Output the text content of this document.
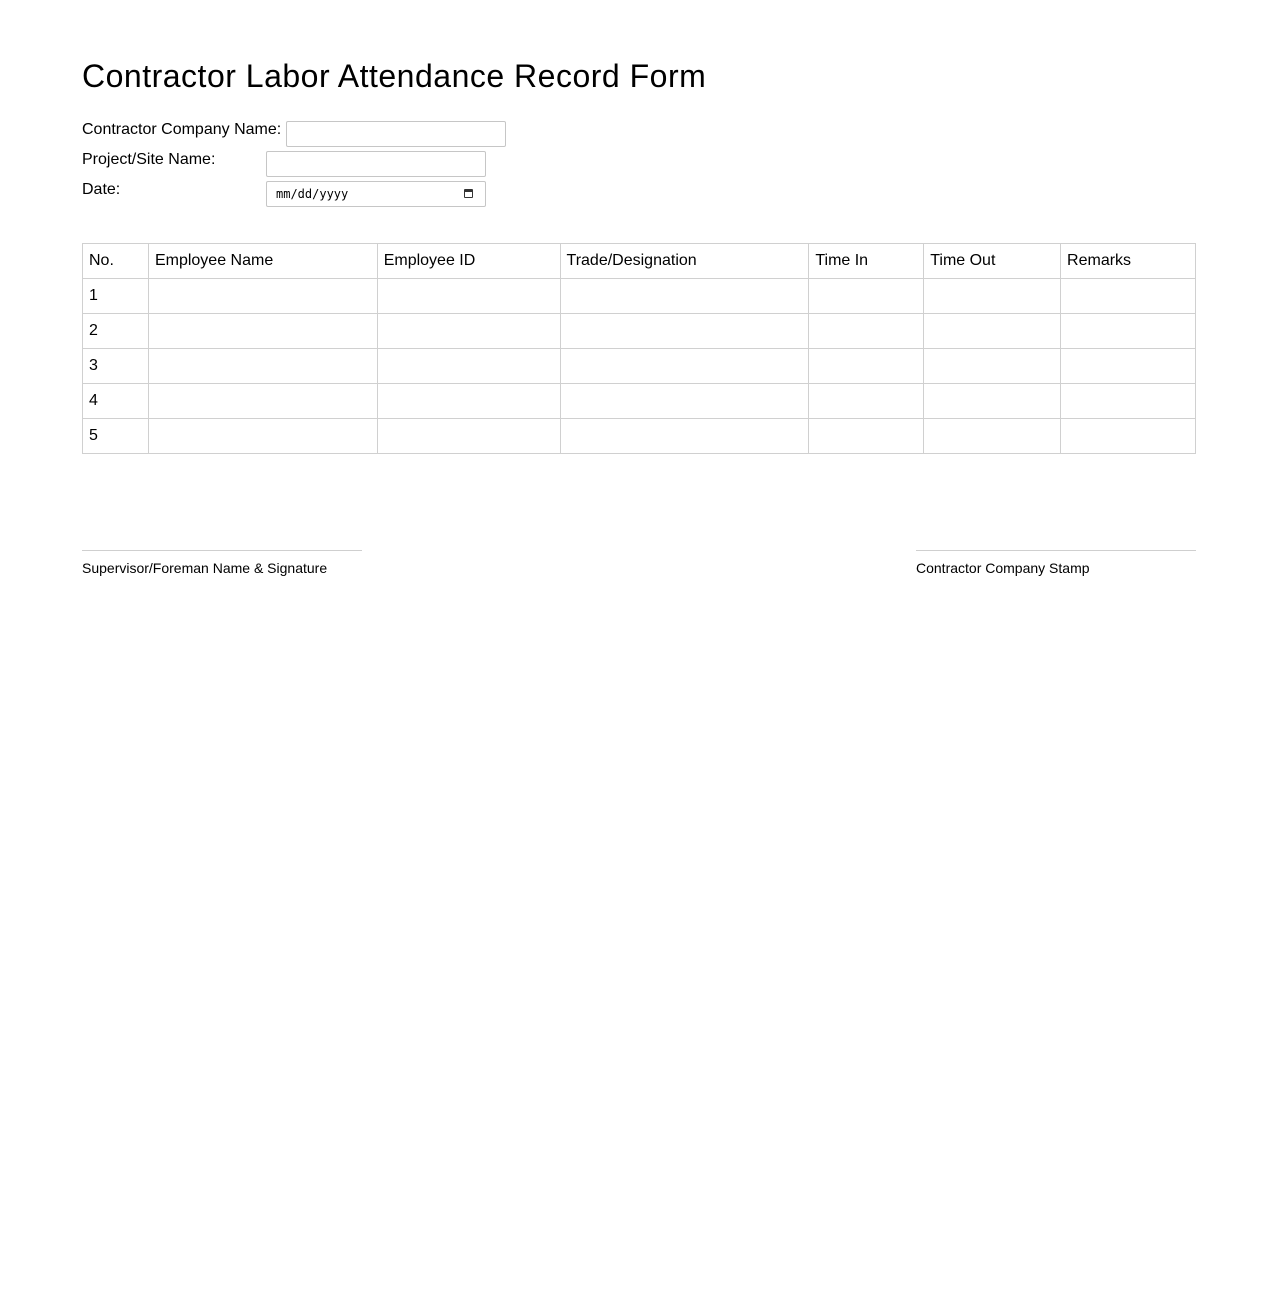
Contractor Labor Attendance Record Form
Contractor Company Name:
Project/Site Name:
Date:	mm/dd/yyyy
No.	Employee Name	Employee ID	Trade/Designation	Time In	Time Out	Remarks
1						
2						
3						
4						
5						
Supervisor/Foreman Name & Signature	Contractor Company Stamp
